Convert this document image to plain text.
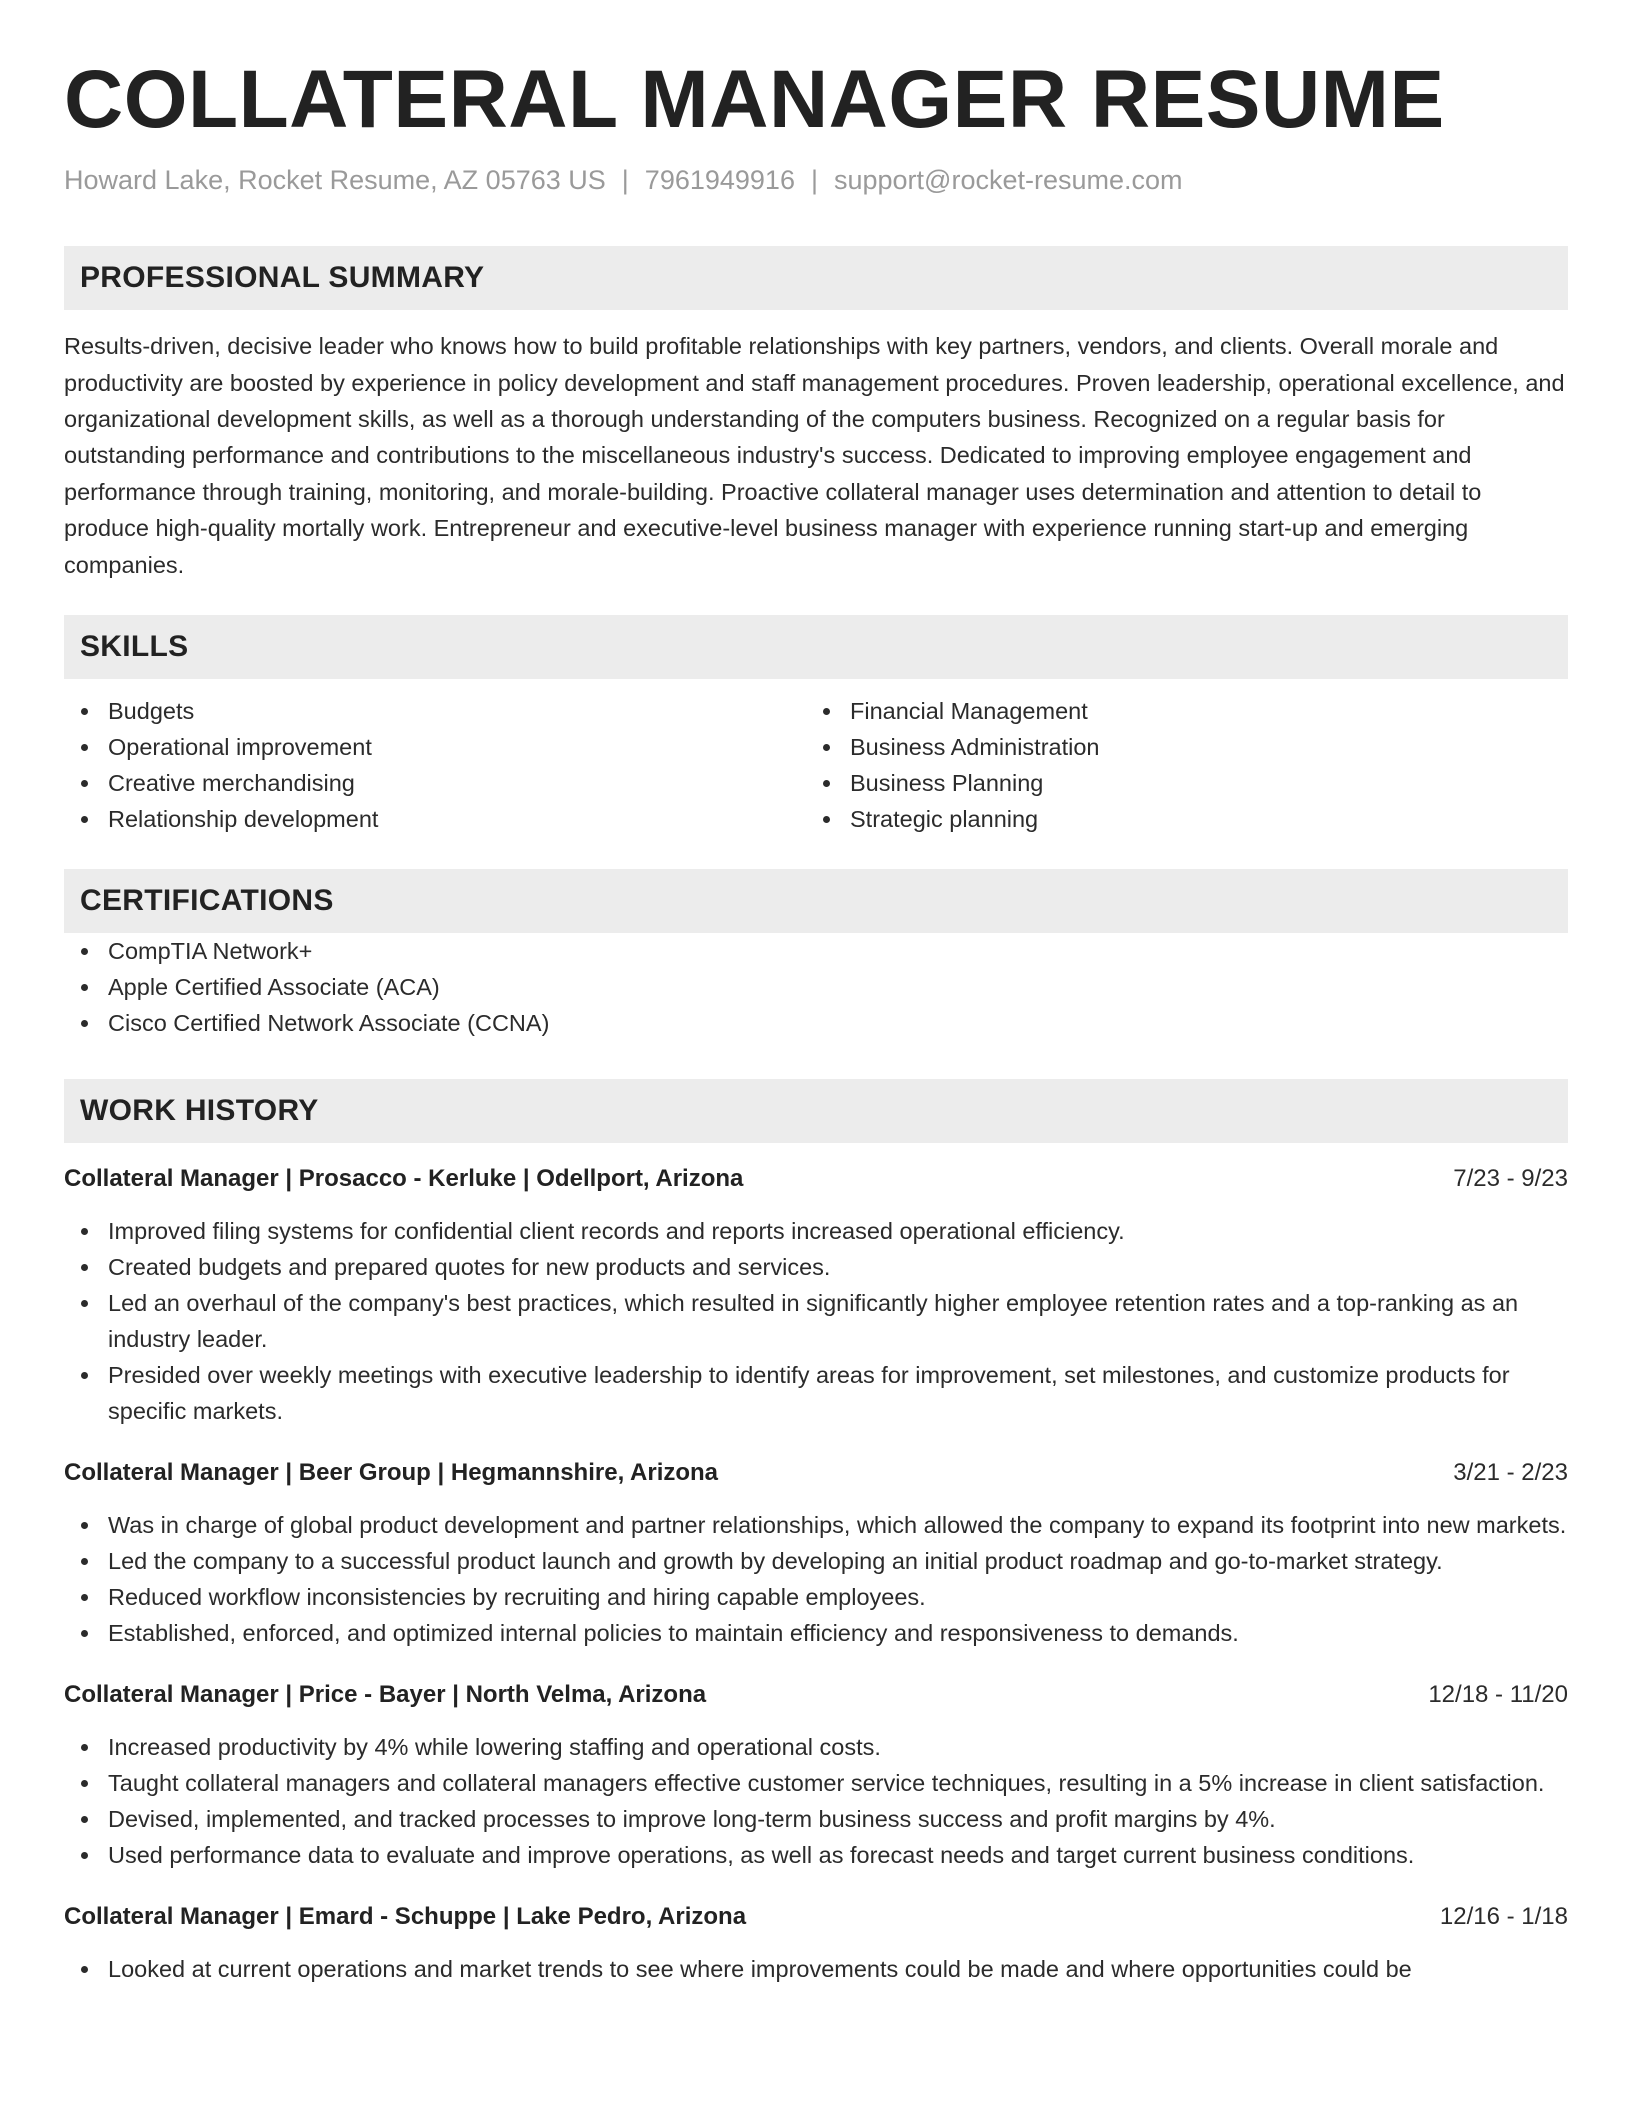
COLLATERAL MANAGER RESUME
Howard Lake, Rocket Resume, AZ 05763 US | 7961949916 | support@rocket-resume.com
PROFESSIONAL SUMMARY

Results-driven, decisive leader who knows how to build profitable relationships with key partners, vendors, and clients. Overall morale and productivity are boosted by experience in policy development and staff management procedures. Proven leadership, operational excellence, and organizational development skills, as well as a thorough understanding of the computers business. Recognized on a regular basis for outstanding performance and contributions to the miscellaneous industry's success. Dedicated to improving employee engagement and performance through training, monitoring, and morale-building. Proactive collateral manager uses determination and attention to detail to produce high-quality mortally work. Entrepreneur and executive-level business manager with experience running start-up and emerging companies.

SKILLS
Budgets
Operational improvement
Creative merchandising
Relationship development
Financial Management
Business Administration
Business Planning
Strategic planning
CERTIFICATIONS
CompTIA Network+
Apple Certified Associate (ACA)
Cisco Certified Network Associate (CCNA)
WORK HISTORY
Collateral Manager | Prosacco - Kerluke | Odellport, Arizona	7/23 - 9/23
Improved filing systems for confidential client records and reports increased operational efficiency.
Created budgets and prepared quotes for new products and services.
Led an overhaul of the company's best practices, which resulted in significantly higher employee retention rates and a top-ranking as an industry leader.
Presided over weekly meetings with executive leadership to identify areas for improvement, set milestones, and customize products for specific markets.
Collateral Manager | Beer Group | Hegmannshire, Arizona	3/21 - 2/23
Was in charge of global product development and partner relationships, which allowed the company to expand its footprint into new markets.
Led the company to a successful product launch and growth by developing an initial product roadmap and go-to-market strategy.
Reduced workflow inconsistencies by recruiting and hiring capable employees.
Established, enforced, and optimized internal policies to maintain efficiency and responsiveness to demands.
Collateral Manager | Price - Bayer | North Velma, Arizona	12/18 - 11/20
Increased productivity by 4% while lowering staffing and operational costs.
Taught collateral managers and collateral managers effective customer service techniques, resulting in a 5% increase in client satisfaction.
Devised, implemented, and tracked processes to improve long-term business success and profit margins by 4%.
Used performance data to evaluate and improve operations, as well as forecast needs and target current business conditions.
Collateral Manager | Emard - Schuppe | Lake Pedro, Arizona	12/16 - 1/18
Looked at current operations and market trends to see where improvements could be made and where opportunities could be
